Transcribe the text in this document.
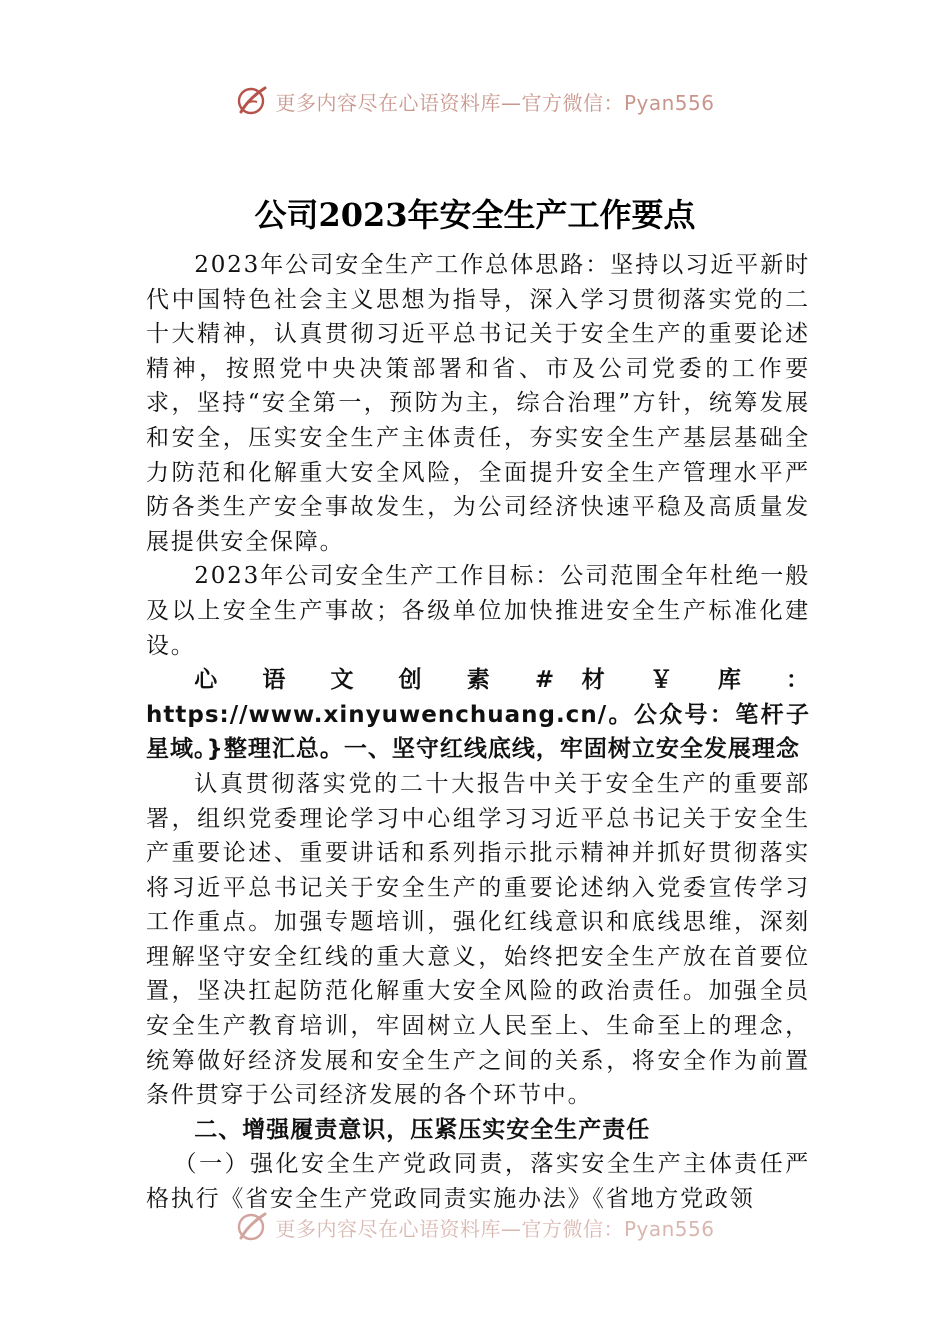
更多内容尽在心语资料库—官方微信：Pyan556
公司2023年安全生产工作要点

2023年公司安全生产工作总体思路：坚持以习近平新时代中国特色社会主义思想为指导，深入学习贯彻落实党的二十大精神，认真贯彻习近平总书记关于安全生产的重要论述精神，按照党中央决策部署和省、市及公司党委的工作要求，坚持“安全第一，预防为主，综合治理”方针，统筹发展和安全，压实安全生产主体责任，夯实安全生产基层基础全力防范和化解重大安全风险，全面提升安全生产管理水平严防各类生产安全事故发生，为公司经济快速平稳及高质量发展提供安全保障。

2023年公司安全生产工作目标：公司范围全年杜绝一般及以上安全生产事故；各级单位加快推进安全生产标准化建设。

心 语 文 创 素 # 材 ￥ 库 ： https://www.xinyuwenchuang.cn/。公众号：笔杆子星域。}整理汇总。一、坚守红线底线，牢固树立安全发展理念

认真贯彻落实党的二十大报告中关于安全生产的重要部署，组织党委理论学习中心组学习习近平总书记关于安全生产重要论述、重要讲话和系列指示批示精神并抓好贯彻落实将习近平总书记关于安全生产的重要论述纳入党委宣传学习工作重点。加强专题培训，强化红线意识和底线思维，深刻理解坚守安全红线的重大意义，始终把安全生产放在首要位置，坚决扛起防范化解重大安全风险的政治责任。加强全员安全生产教育培训，牢固树立人民至上、生命至上的理念，统筹做好经济发展和安全生产之间的关系，将安全作为前置条件贯穿于公司经济发展的各个环节中。

二、增强履责意识，压紧压实安全生产责任

（一）强化安全生产党政同责，落实安全生产主体责任严格执行《省安全生产党政同责实施办法》《省地方党政领

更多内容尽在心语资料库—官方微信：Pyan556
